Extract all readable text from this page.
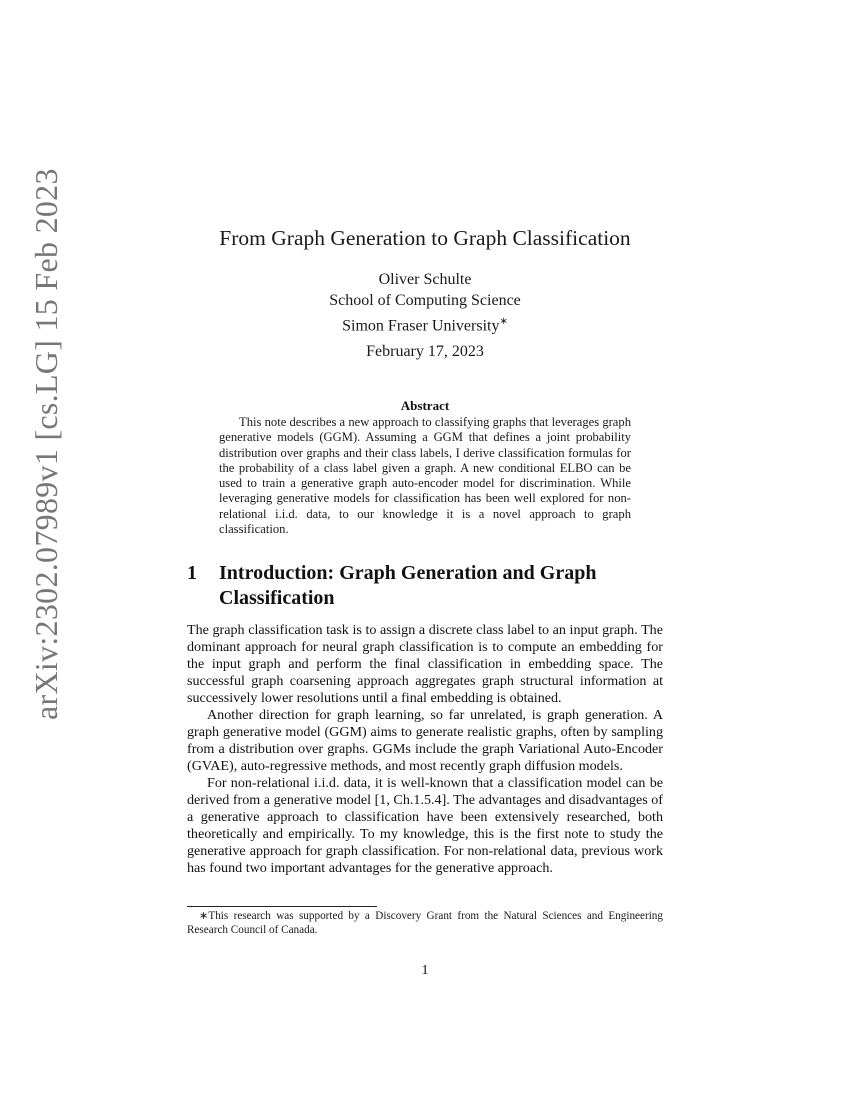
arXiv:2302.07989v1 [cs.LG] 15 Feb 2023	From Graph Generation to Graph Classification
Oliver Schulte
School of Computing Science
Simon Fraser University∗
February 17, 2023
Abstract
This note describes a new approach to classifying graphs that leverages graph generative models (GGM). Assuming a GGM that defines a joint probability distribution over graphs and their class labels, I derive classification formulas for the probability of a class label given a graph. A new conditional ELBO can be used to train a generative graph auto-encoder model for discrimination. While leveraging generative models for classification has been well explored for non-relational i.i.d. data, to our knowledge it is a novel approach to graph classification.
1 Introduction: Graph Generation and Graph Classification

The graph classification task is to assign a discrete class label to an input graph. The dominant approach for neural graph classification is to compute an embedding for the input graph and perform the final classification in embedding space. The successful graph coarsening approach aggregates graph structural information at successively lower resolutions until a final embedding is obtained.

Another direction for graph learning, so far unrelated, is graph generation. A graph generative model (GGM) aims to generate realistic graphs, often by sampling from a distribution over graphs. GGMs include the graph Variational Auto-Encoder (GVAE), auto-regressive methods, and most recently graph diffusion models.

For non-relational i.i.d. data, it is well-known that a classification model can be derived from a generative model [1, Ch.1.5.4]. The advantages and disadvantages of a generative approach to classification have been extensively researched, both theoretically and empirically. To my knowledge, this is the first note to study the generative approach for graph classification. For non-relational data, previous work has found two important advantages for the generative approach.

∗This research was supported by a Discovery Grant from the Natural Sciences and Engineering Research Council of Canada.
1
